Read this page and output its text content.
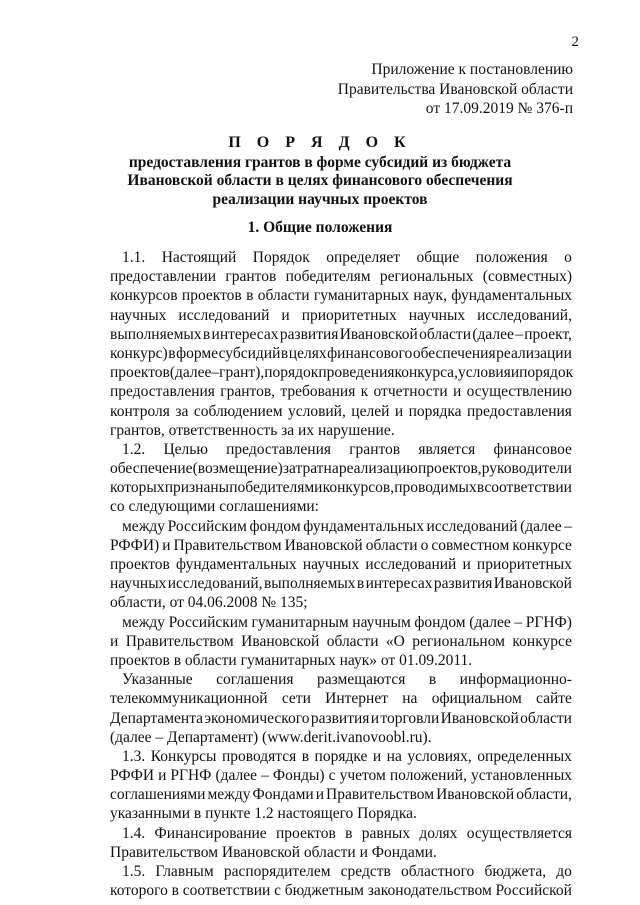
2
Приложение к постановлению
Правительства Ивановской области
от 17.09.2019 № 376-п
П О Р Я Д О К
предоставления грантов в форме субсидий из бюджета
Ивановской области в целях финансового обеспечения
реализации научных проектов
1. Общие положения
1.1. Настоящий Порядок определяет общие положения о
предоставлении грантов победителям региональных (совместных)
конкурсов проектов в области гуманитарных наук, фундаментальных
научных исследований и приоритетных научных исследований,
выполняемых в интересах развития Ивановской области (далее – проект,
конкурс) в форме субсидий в целях финансового обеспечения реализации
проектов (далее – грант), порядок проведения конкурса, условия и порядок
предоставления грантов, требования к отчетности и осуществлению
контроля за соблюдением условий, целей и порядка предоставления
грантов, ответственность за их нарушение.
1.2. Целью предоставления грантов является финансовое
обеспечение (возмещение) затрат на реализацию проектов, руководители
которых признаны победителями конкурсов, проводимых в соответствии
со следующими соглашениями:
между Российским фондом фундаментальных исследований (далее –
РФФИ) и Правительством Ивановской области о совместном конкурсе
проектов фундаментальных научных исследований и приоритетных
научных исследований, выполняемых в интересах развития Ивановской
области, от 04.06.2008 № 135;
между Российским гуманитарным научным фондом (далее – РГНФ)
и Правительством Ивановской области «О региональном конкурсе
проектов в области гуманитарных наук» от 01.09.2011.
Указанные соглашения размещаются в информационно-
телекоммуникационной сети Интернет на официальном сайте
Департамента экономического развития и торговли Ивановской области
(далее – Департамент) (www.derit.ivanovoobl.ru).
1.3. Конкурсы проводятся в порядке и на условиях, определенных
РФФИ и РГНФ (далее – Фонды) с учетом положений, установленных
соглашениями между Фондами и Правительством Ивановской области,
указанными в пункте 1.2 настоящего Порядка.
1.4. Финансирование проектов в равных долях осуществляется
Правительством Ивановской области и Фондами.
1.5. Главным распорядителем средств областного бюджета, до
которого в соответствии с бюджетным законодательством Российской
